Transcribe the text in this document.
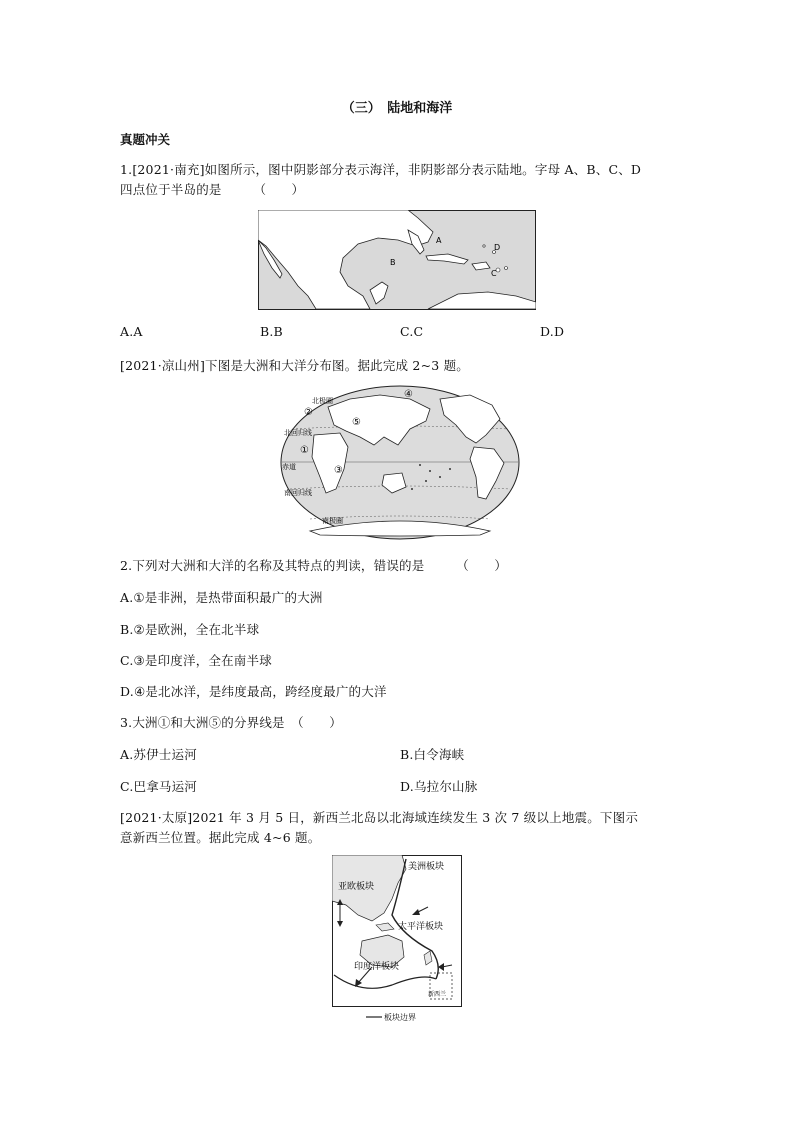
（三）　陆地和海洋
真题冲关
1.[2021·南充]如图所示，图中阴影部分表示海洋，非阴影部分表示陆地。字母 A、B、C、D
四点位于半岛的是　　　（　　）
A
B
C
D
A.A	B.B	C.C	D.D
[2021·凉山州]下图是大洲和大洋分布图。据此完成 2~3 题。
④
②
⑤
①
③
北极圈
北回归线
赤道
南回归线
南极圈
2.下列对大洲和大洋的名称及其特点的判读，错误的是　　　（　　）
A.①是非洲，是热带面积最广的大洲
B.②是欧洲，全在北半球
C.③是印度洋，全在南半球
D.④是北冰洋，是纬度最高，跨经度最广的大洋
3.大洲①和大洲⑤的分界线是　（　　）
A.苏伊士运河	B.白令海峡
C.巴拿马运河	D.乌拉尔山脉
[2021·太原]2021 年 3 月 5 日，新西兰北岛以北海域连续发生 3 次 7 级以上地震。下图示
意新西兰位置。据此完成 4~6 题。
美洲板块
亚欧板块
太平洋板块
印度洋板块
新西兰
板块边界
